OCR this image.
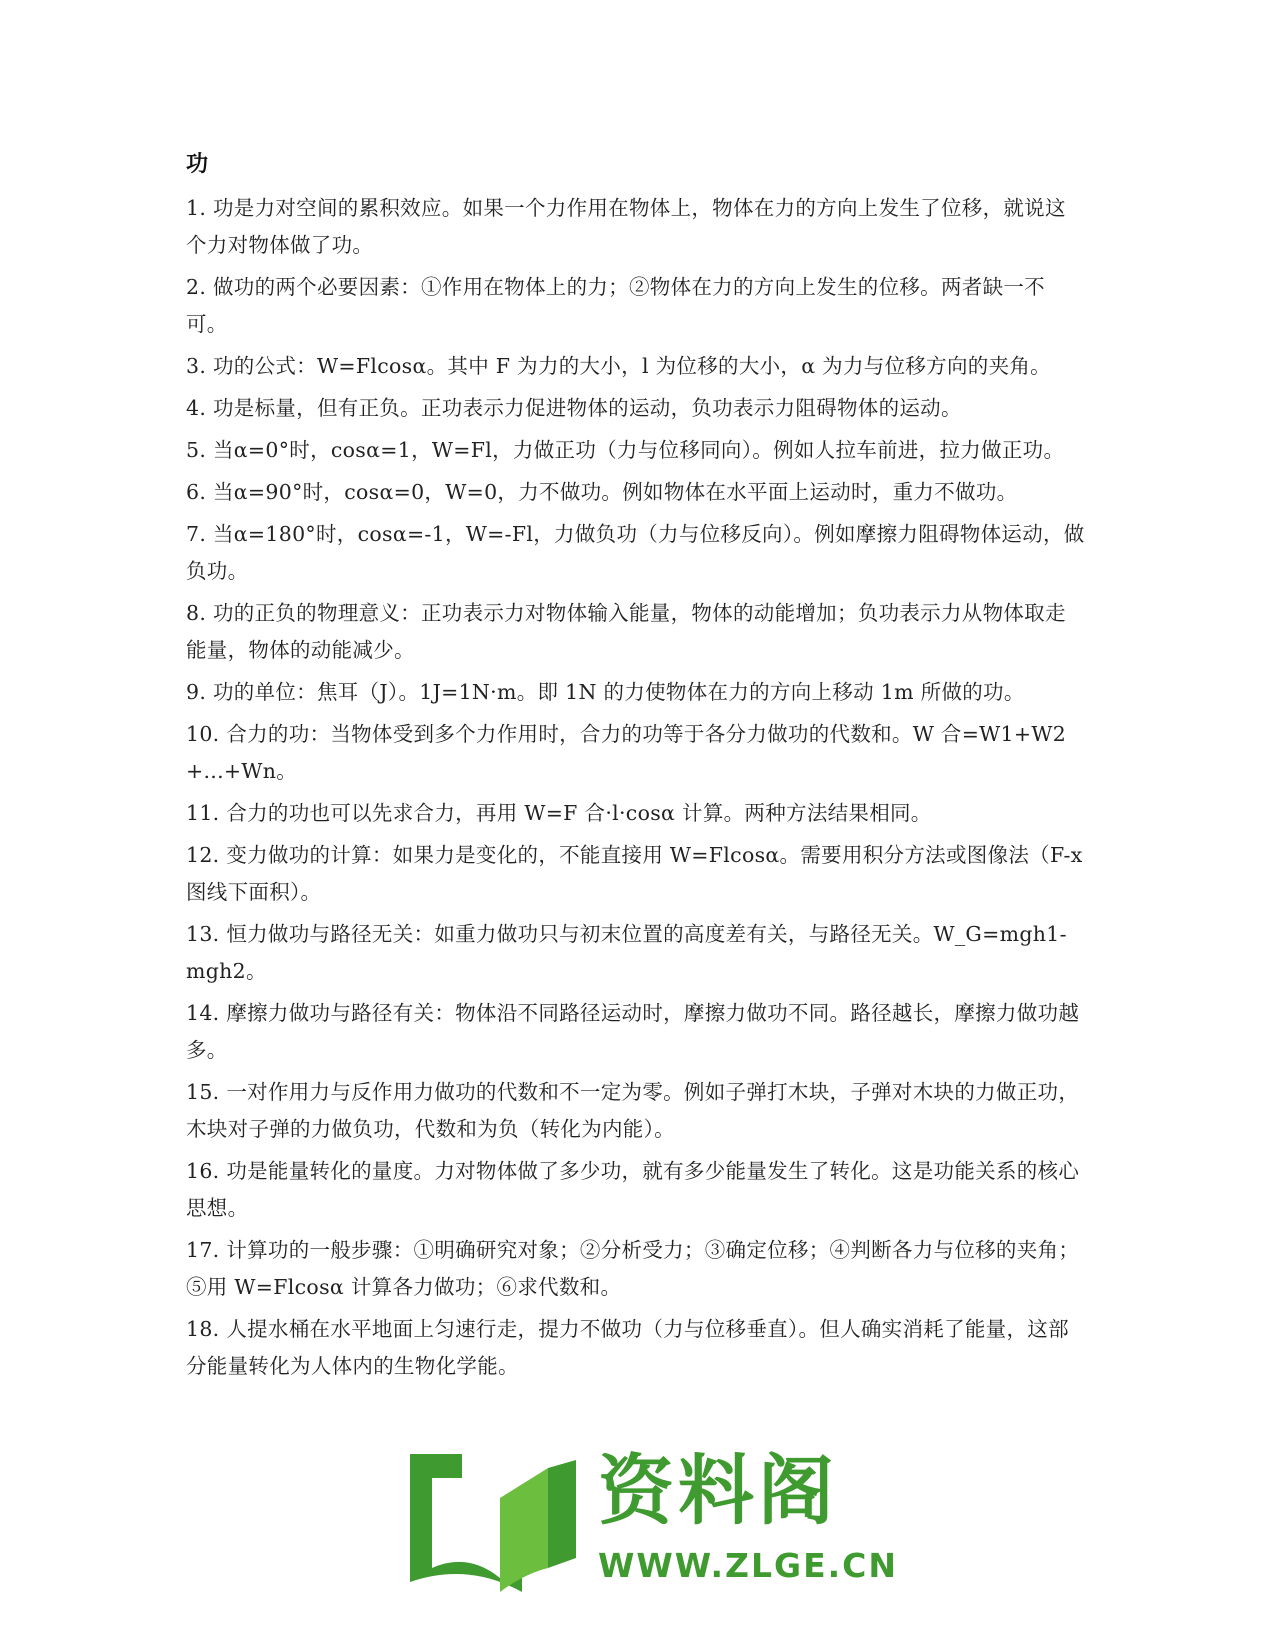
功
1. 功是力对空间的累积效应。如果一个力作用在物体上，物体在力的方向上发生了位移，就说这个力对物体做了功。
2. 做功的两个必要因素：①作用在物体上的力；②物体在力的方向上发生的位移。两者缺一不可。
3. 功的公式：W=Flcosα。其中 F 为力的大小，l 为位移的大小，α 为力与位移方向的夹角。
4. 功是标量，但有正负。正功表示力促进物体的运动，负功表示力阻碍物体的运动。
5. 当α=0°时，cosα=1，W=Fl，力做正功（力与位移同向）。例如人拉车前进，拉力做正功。
6. 当α=90°时，cosα=0，W=0，力不做功。例如物体在水平面上运动时，重力不做功。
7. 当α=180°时，cosα=-1，W=-Fl，力做负功（力与位移反向）。例如摩擦力阻碍物体运动，做负功。
8. 功的正负的物理意义：正功表示力对物体输入能量，物体的动能增加；负功表示力从物体取走能量，物体的动能减少。
9. 功的单位：焦耳（J）。1J=1N·m。即 1N 的力使物体在力的方向上移动 1m 所做的功。
10. 合力的功：当物体受到多个力作用时，合力的功等于各分力做功的代数和。W 合=W1+W2+...+Wn。
11. 合力的功也可以先求合力，再用 W=F 合·l·cosα 计算。两种方法结果相同。
12. 变力做功的计算：如果力是变化的，不能直接用 W=Flcosα。需要用积分方法或图像法（F-x 图线下面积）。
13. 恒力做功与路径无关：如重力做功只与初末位置的高度差有关，与路径无关。W_G=mgh1-mgh2。
14. 摩擦力做功与路径有关：物体沿不同路径运动时，摩擦力做功不同。路径越长，摩擦力做功越多。
15. 一对作用力与反作用力做功的代数和不一定为零。例如子弹打木块，子弹对木块的力做正功，木块对子弹的力做负功，代数和为负（转化为内能）。
16. 功是能量转化的量度。力对物体做了多少功，就有多少能量发生了转化。这是功能关系的核心思想。
17. 计算功的一般步骤：①明确研究对象；②分析受力；③确定位移；④判断各力与位移的夹角；⑤用 W=Flcosα 计算各力做功；⑥求代数和。
18. 人提水桶在水平地面上匀速行走，提力不做功（力与位移垂直）。但人确实消耗了能量，这部分能量转化为人体内的生物化学能。
资料阁
WWW.ZLGE.CN
